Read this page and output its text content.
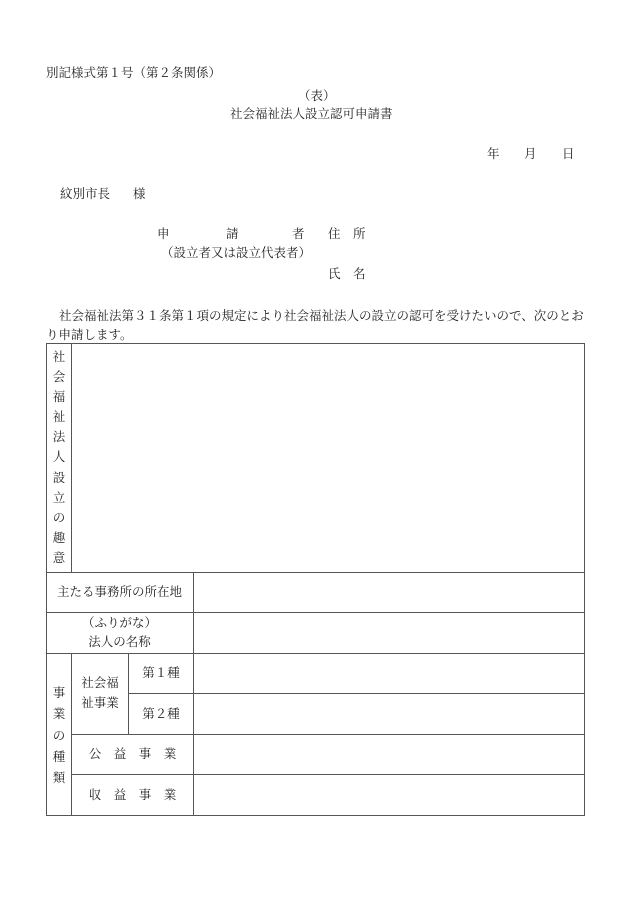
別記様式第１号（第２条関係）
（表）
社会福祉法人設立認可申請書
年 月 日
紋別市長 様
申	請	者 住 所
（設立者又は設立代表者）
氏 名
社会福祉法第３１条第１項の規定により社会福祉法人の設立の認可を受けたいので、次のとおり申請します。
社
会
福
祉
法
人
設
立
の
趣
意
主たる事務所の所在地
（ふりがな）
法人の名称
事
業
の
種
類
社会福
祉事業
第１種
第２種
公　益　事　業
収　益　事　業
